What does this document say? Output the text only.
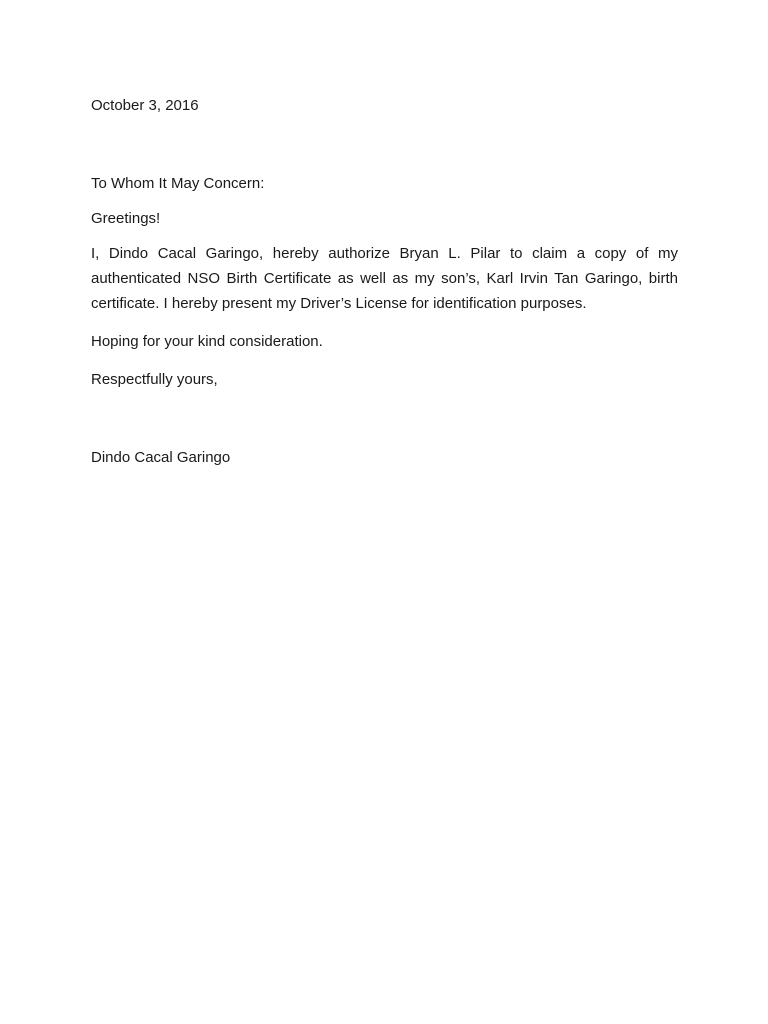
October 3, 2016

To Whom It May Concern:

Greetings!

I, Dindo Cacal Garingo, hereby authorize Bryan L. Pilar to claim a copy of my authenticated NSO Birth Certificate as well as my son’s, Karl Irvin Tan Garingo, birth certificate. I hereby present my Driver’s License for identification purposes.

Hoping for your kind consideration.

Respectfully yours,

Dindo Cacal Garingo
